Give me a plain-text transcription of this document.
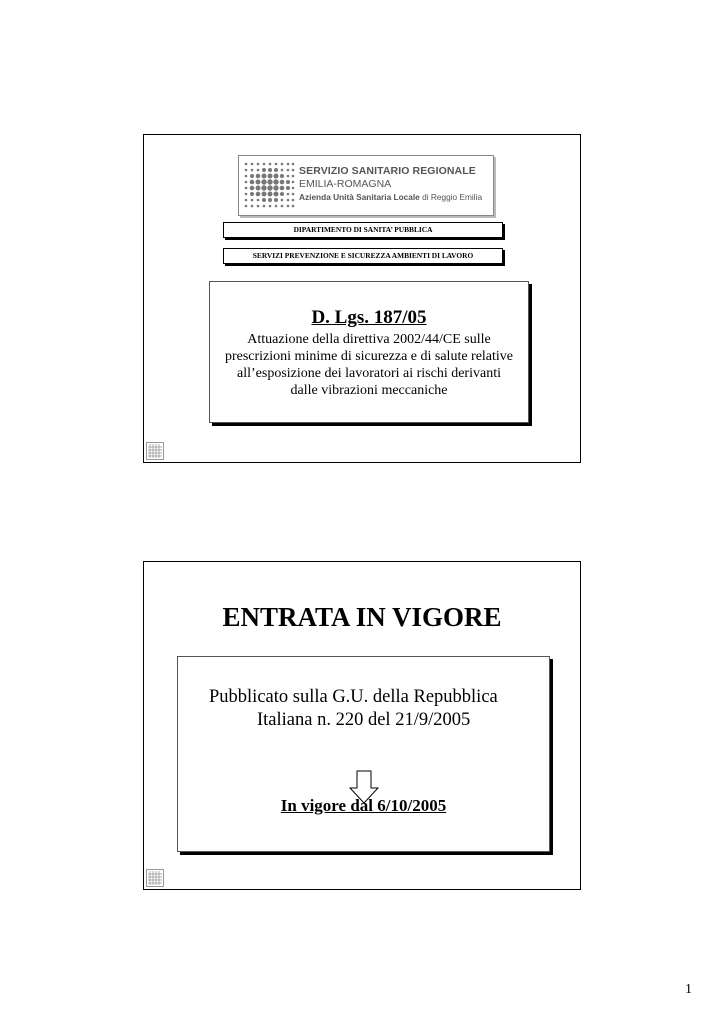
SERVIZIO SANITARIO REGIONALE
EMILIA-ROMAGNA
Azienda Unità Sanitaria Locale di Reggio Emilia
DIPARTIMENTO DI SANITA’ PUBBLICA
SERVIZI PREVENZIONE E SICUREZZA AMBIENTI DI LAVORO
D. Lgs. 187/05
Attuazione della direttiva 2002/44/CE sulle
prescrizioni minime di sicurezza e di salute relative
all’esposizione dei lavoratori ai rischi derivanti
dalle vibrazioni meccaniche
ENTRATA IN VIGORE
Pubblicato sulla G.U. della Repubblica
Italiana n. 220 del 21/9/2005
In vigore dal 6/10/2005
1
